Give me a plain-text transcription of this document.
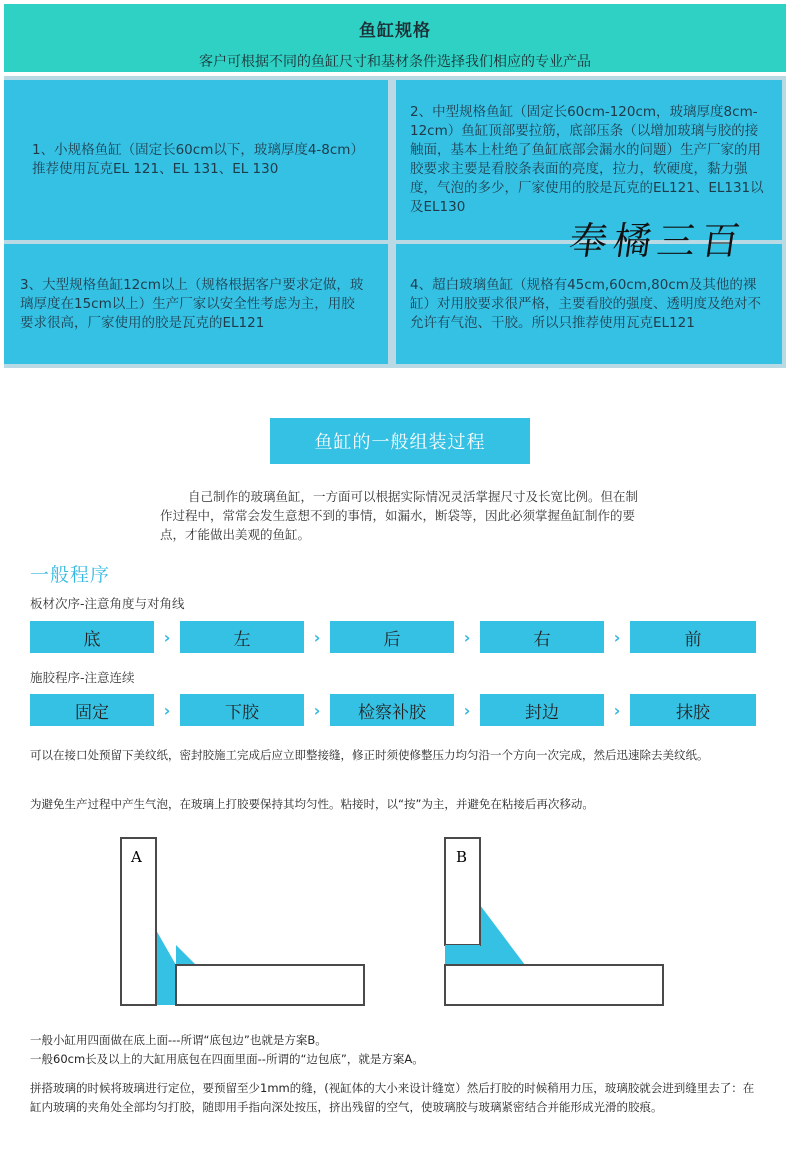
鱼缸规格
客户可根据不同的鱼缸尺寸和基材条件选择我们相应的专业产品
1、小规格鱼缸（固定长60cm以下，玻璃厚度4-8cm）推荐使用瓦克EL 121、EL 131、EL 130
2、中型规格鱼缸（固定长60cm-120cm，玻璃厚度8cm-12cm）鱼缸顶部要拉筋，底部压条（以增加玻璃与胶的接触面，基本上杜绝了鱼缸底部会漏水的问题）生产厂家的用胶要求主要是看胶条表面的亮度，拉力，软硬度，黏力强度，气泡的多少，厂家使用的胶是瓦克的EL121、EL131以及EL130
3、大型规格鱼缸12cm以上（规格根据客户要求定做，玻璃厚度在15cm以上）生产厂家以安全性考虑为主，用胶要求很高，厂家使用的胶是瓦克的EL121
4、超白玻璃鱼缸（规格有45cm,60cm,80cm及其他的裸缸）对用胶要求很严格，主要看胶的强度、透明度及绝对不允许有气泡、干胶。所以只推荐使用瓦克EL121
奉橘三百
鱼缸的一般组装过程
自己制作的玻璃鱼缸，一方面可以根据实际情况灵活掌握尺寸及长宽比例。但在制作过程中，常常会发生意想不到的事情，如漏水，断袋等，因此必须掌握鱼缸制作的要点，才能做出美观的鱼缸。
一般程序
板材次序-注意角度与对角线
底	›	左	›	后	›	右	›	前
施胶程序-注意连续
固定	›	下胶	›	检察补胶	›	封边	›	抹胶
可以在接口处预留下美纹纸，密封胶施工完成后应立即整接缝，修正时须使修整压力均匀沿一个方向一次完成，然后迅速除去美纹纸。
为避免生产过程中产生气泡，在玻璃上打胶要保持其均匀性。粘接时，以“按”为主，并避免在粘接后再次移动。
A	B
一般小缸用四面做在底上面---所谓“底包边”也就是方案B。
一般60cm长及以上的大缸用底包在四面里面--所谓的“边包底”，就是方案A。
拼搭玻璃的时候将玻璃进行定位，要预留至少1mm的缝，(视缸体的大小来设计缝宽）然后打胶的时候稍用力压，玻璃胶就会进到缝里去了：在缸内玻璃的夹角处全部均匀打胶，随即用手指向深处按压，挤出残留的空气，使玻璃胶与玻璃紧密结合并能形成光滑的胶痕。
